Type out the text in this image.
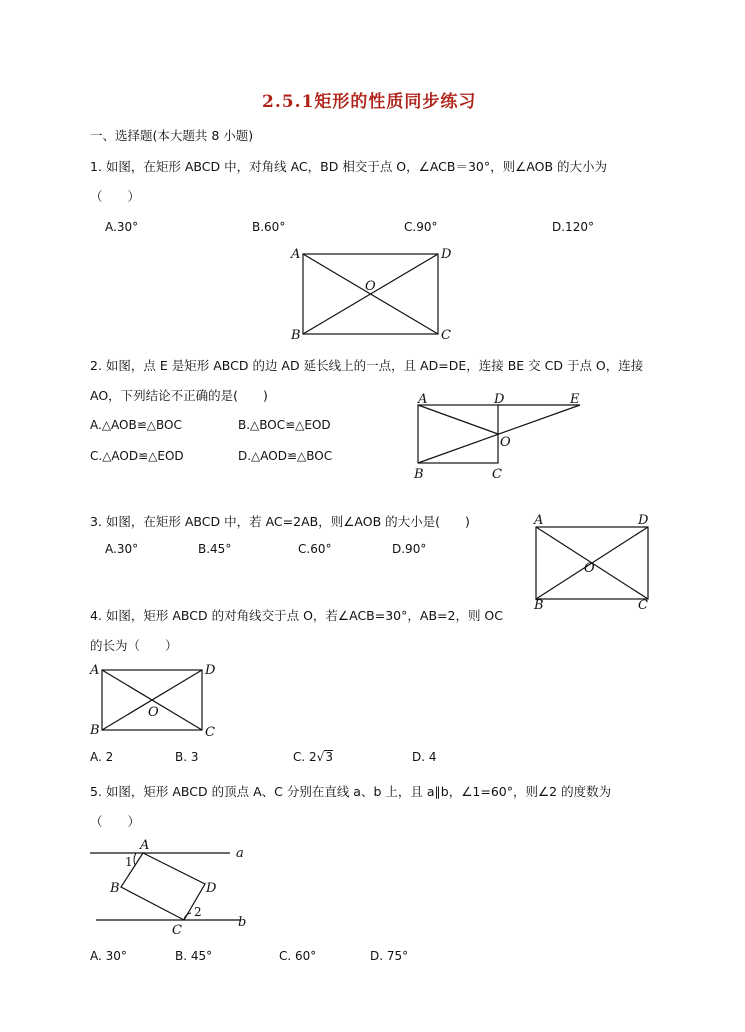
2.5.1矩形的性质同步练习
一、选择题(本大题共 8 小题)
1. 如图，在矩形 ABCD 中，对角线 AC，BD 相交于点 O，∠ACB＝30°，则∠AOB 的大小为
（　　）
A.30°	B.60°	C.90°	D.120°
A	D
B	C
O
2. 如图，点 E 是矩形 ABCD 的边 AD 延长线上的一点，且 AD=DE，连接 BE 交 CD 于点 O，连接
AO，下列结论不正确的是(　　)
A.△AOB≌△BOC	B.△BOC≌△EOD
C.△AOD≌△EOD	D.△AOD≌△BOC
A	D	E
O
B	C
3. 如图，在矩形 ABCD 中，若 AC=2AB，则∠AOB 的大小是(　　)
A.30°	B.45°	C.60°	D.90°
A	D
B	C
O
4. 如图，矩形 ABCD 的对角线交于点 O，若∠ACB=30°，AB=2，则 OC
的长为（　　）
A	D
B	C
O
A. 2	B. 3	C. 2√3	D. 4
5. 如图，矩形 ABCD 的顶点 A、C 分别在直线 a、b 上，且 a∥b，∠1=60°，则∠2 的度数为
（　　）
A
a
1
B	D
2
b
C
A. 30°	B. 45°	C. 60°	D. 75°
